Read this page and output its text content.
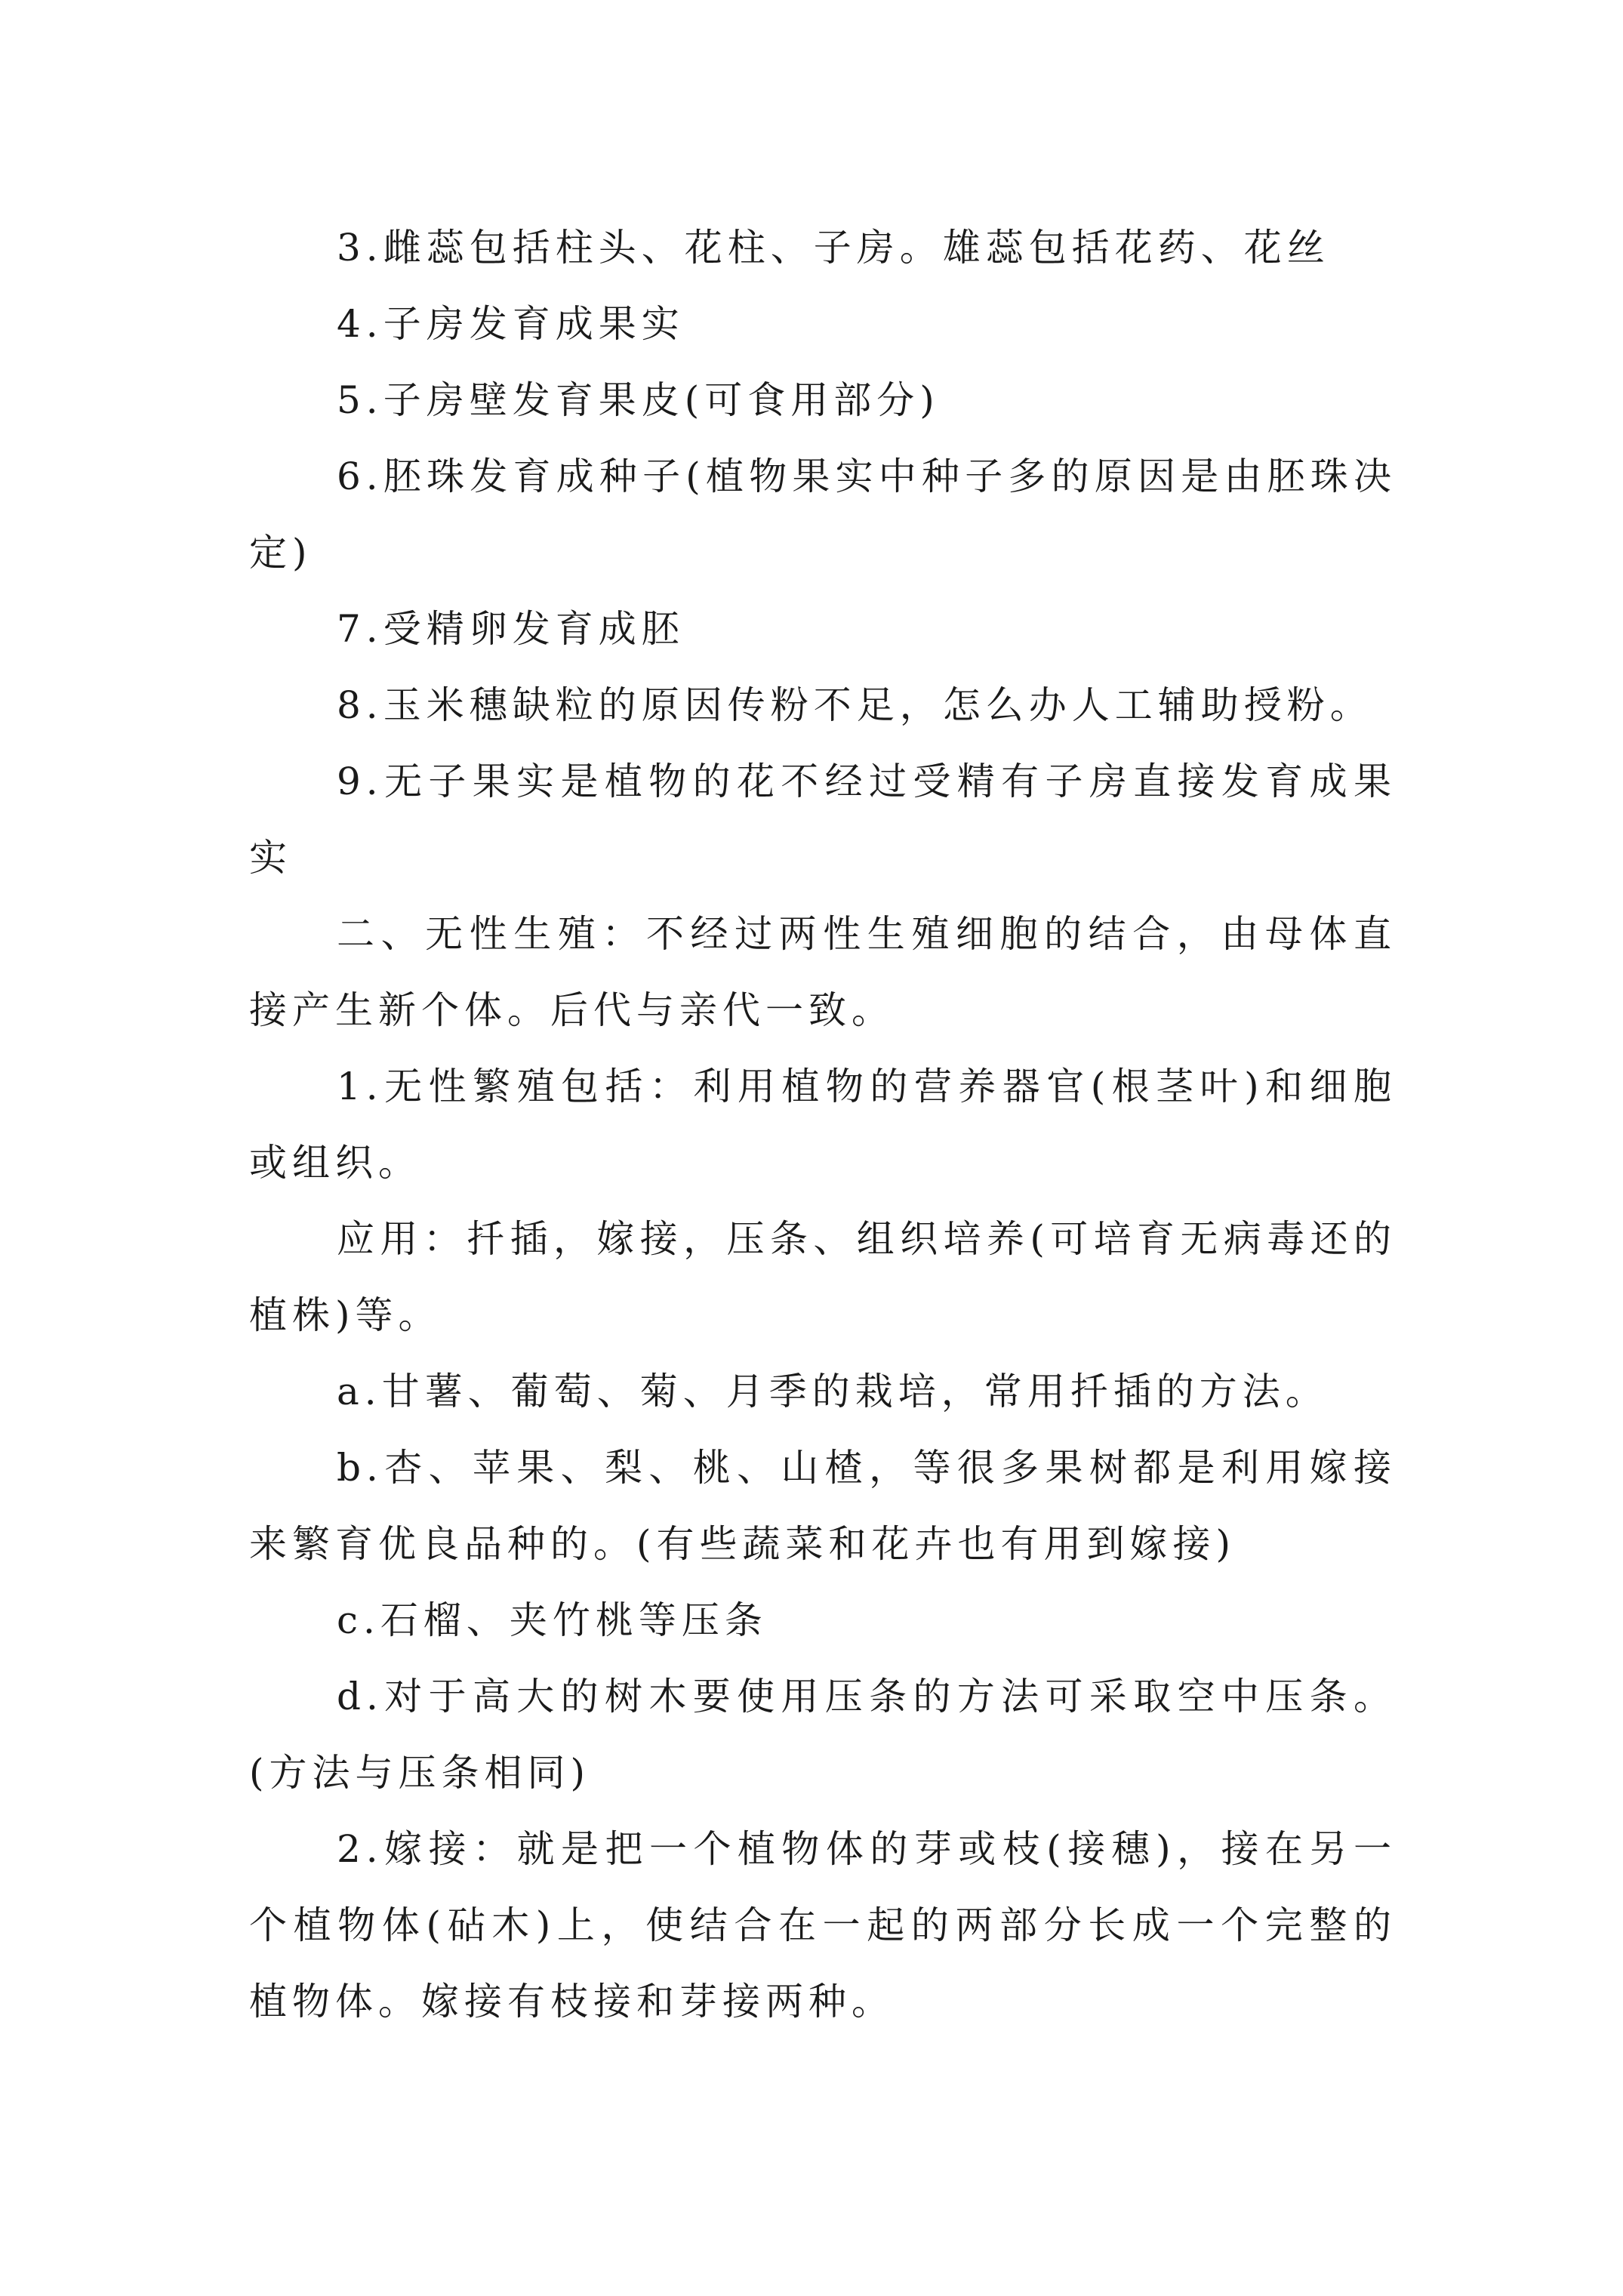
3.雌蕊包括柱头、花柱、子房。雄蕊包括花药、花丝

4.子房发育成果实

5.子房壁发育果皮(可食用部分)

6.胚珠发育成种子(植物果实中种子多的原因是由胚珠决定)

7.受精卵发育成胚

8.玉米穗缺粒的原因传粉不足，怎么办人工辅助授粉。

9.无子果实是植物的花不经过受精有子房直接发育成果实

二、无性生殖：不经过两性生殖细胞的结合，由母体直接产生新个体。后代与亲代一致。

1.无性繁殖包括：利用植物的营养器官(根茎叶)和细胞或组织。

应用：扦插，嫁接，压条、组织培养(可培育无病毒还的植株)等。

a.甘薯、葡萄、菊、月季的栽培，常用扦插的方法。

b.杏、苹果、梨、桃、山楂，等很多果树都是利用嫁接来繁育优良品种的。(有些蔬菜和花卉也有用到嫁接)

c.石榴、夹竹桃等压条

d.对于高大的树木要使用压条的方法可采取空中压条。(方法与压条相同)

2.嫁接：就是把一个植物体的芽或枝(接穗)，接在另一个植物体(砧木)上，使结合在一起的两部分长成一个完整的植物体。嫁接有枝接和芽接两种。
